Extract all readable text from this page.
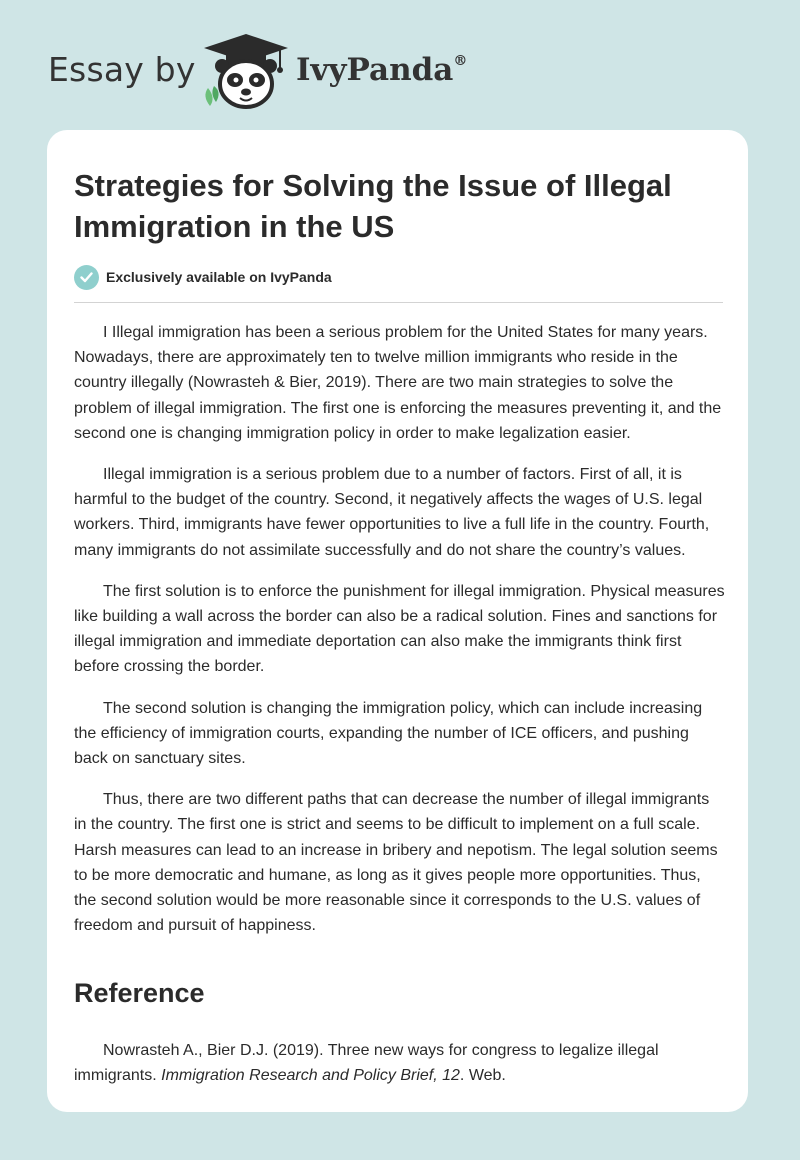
Essay by	IvyPanda®
Strategies for Solving the Issue of Illegal Immigration in the US
Exclusively available on IvyPanda

I Illegal immigration has been a serious problem for the United States for many years. Nowadays, there are approximately ten to twelve million immigrants who reside in the country illegally (Nowrasteh & Bier, 2019). There are two main strategies to solve the problem of illegal immigration. The first one is enforcing the measures preventing it, and the second one is changing immigration policy in order to make legalization easier.

Illegal immigration is a serious problem due to a number of factors. First of all, it is harmful to the budget of the country. Second, it negatively affects the wages of U.S. legal workers. Third, immigrants have fewer opportunities to live a full life in the country. Fourth, many immigrants do not assimilate successfully and do not share the country’s values.

The first solution is to enforce the punishment for illegal immigration. Physical measures like building a wall across the border can also be a radical solution. Fines and sanctions for illegal immigration and immediate deportation can also make the immigrants think first before crossing the border.

The second solution is changing the immigration policy, which can include increasing the efficiency of immigration courts, expanding the number of ICE officers, and pushing back on sanctuary sites.

Thus, there are two different paths that can decrease the number of illegal immigrants in the country. The first one is strict and seems to be difficult to implement on a full scale. Harsh measures can lead to an increase in bribery and nepotism. The legal solution seems to be more democratic and humane, as long as it gives people more opportunities. Thus, the second solution would be more reasonable since it corresponds to the U.S. values of freedom and pursuit of happiness.

Reference

Nowrasteh A., Bier D.J. (2019). Three new ways for congress to legalize illegal immigrants. Immigration Research and Policy Brief, 12. Web.
